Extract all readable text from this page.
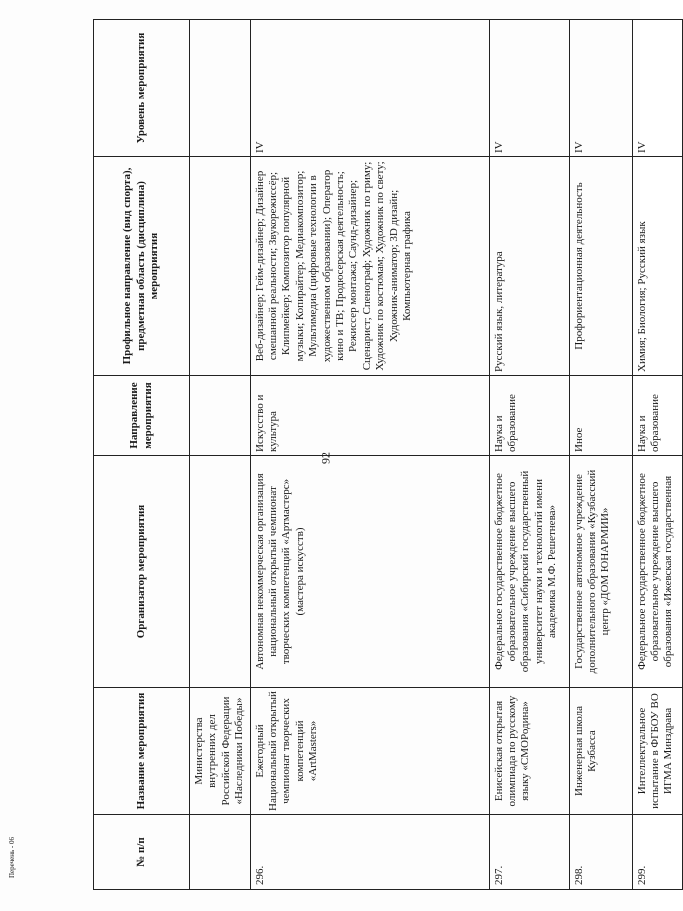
92
Перечень - 06	№ п/п	Название мероприятия	Организатор мероприятия	Направление мероприятия	Профильное направление (вид спорта), предметная область (дисциплина) мероприятия	Уровень мероприятия
	Министерства внутренних дел Российской Федерации «Наследники Победы»				
296.	Ежегодный Национальный открытый чемпионат творческих компетенций «ArtMasters»	Автономная некоммерческая организация национальный открытый чемпионат творческих компетенций «Артмастерс» (мастера искусств)	Искусство и культура	Веб-дизайнер; Гейм-дизайнер; Дизайнер смешанной реальности; Звукорежиссёр; Клипмейкер; Композитор популярной музыки; Копирайтер; Медиакомпозитор; Мультимедиа (цифровые технологии в художественном образовании); Оператор кино и ТВ; Продюсерская деятельность; Режиссер монтажа; Саунд-дизайнер; Сценарист; Спенограф; Художник по гриму; Художник по костюмам; Художник по свету; Художник-аниматор; 3D дизайн; Компьютерная графика	IV
297.	Енисейская открытая олимпиада по русскому языку «СМОРодина»	Федеральное государственное бюджетное образовательное учреждение высшего образования «Сибирский государственный университет науки и технологий имени академика М.Ф. Решетнева»	Наука и образование	Русский язык, литература	IV
298.	Инженерная школа Кузбасса	Государственное автономное учреждение дополнительного образования «Кузбасский центр «ДОМ ЮНАРМИИ»	Иное	Профориентационная деятельность	IV
299.	Интеллектуальное испытание в ФГБОУ ВО ИГМА Минздрава	Федеральное государственное бюджетное образовательное учреждение высшего образования «Ижевская государственная	Наука и образование	Химия; Биология; Русский язык	IV
